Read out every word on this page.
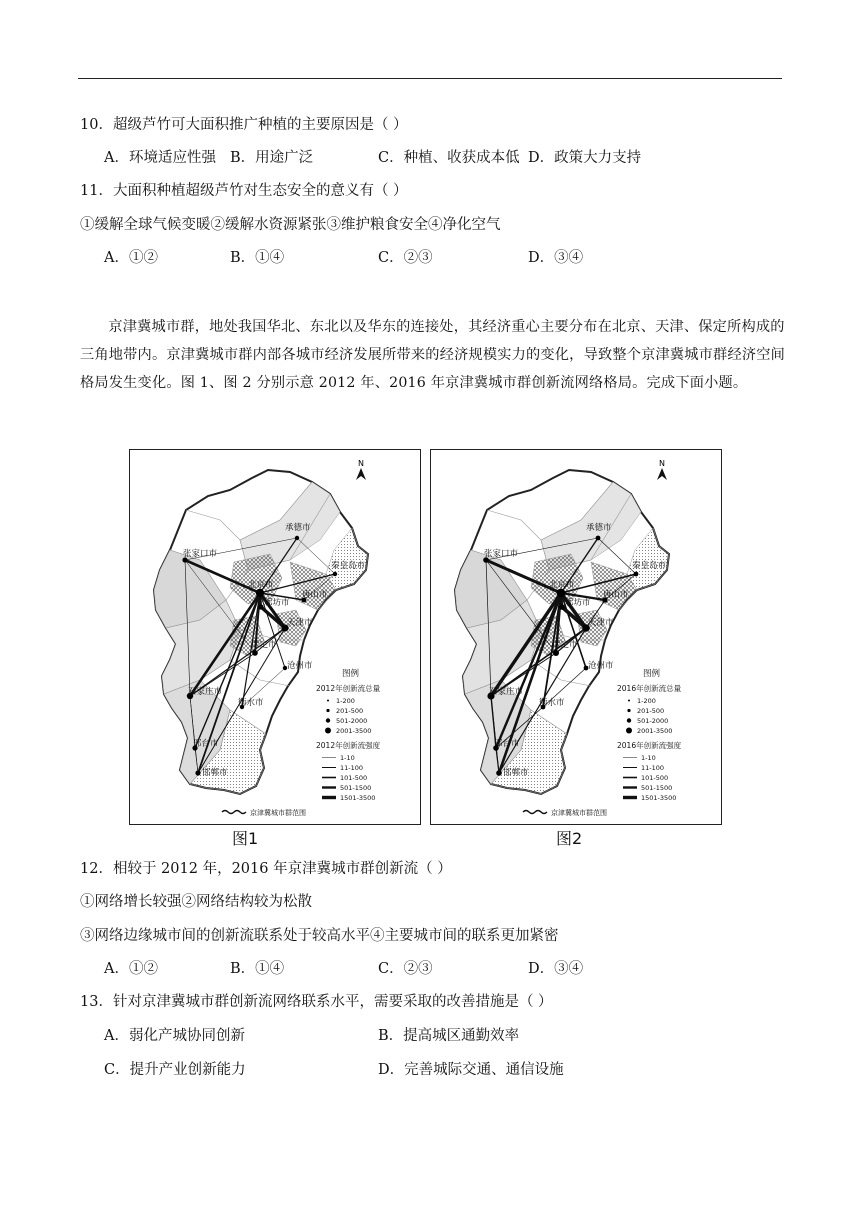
10．超级芦竹可大面积推广种植的主要原因是（ ）
A．环境适应性强 B．用途广泛	C．种植、收获成本低 D．政策大力支持
11．大面积种植超级芦竹对生态安全的意义有（ ）
①缓解全球气候变暖②缓解水资源紧张③维护粮食安全④净化空气
A．①②	B．①④	C．②③	D．③④
京津冀城市群，地处我国华北、东北以及华东的连接处，其经济重心主要分布在北京、天津、保定所构成的三角地带内。京津冀城市群内部各城市经济发展所带来的经济规模实力的变化，导致整个京津冀城市群经济空间格局发生变化。图 1、图 2 分别示意 2012 年、2016 年京津冀城市群创新流网络格局。完成下面小题。
承德市
张家口市
秦皇岛市
北京市
唐山市
廊坊市
天津市
保定市
沧州市
石家庄市
衡水市
邢台市
邯郸市
N
图例
2012年创新流总量
1-200
201-500
501-2000
2001-3500
2012年创新流强度
1-10
11-100
101-500
501-1500
1501-3500
京津冀城市群范围
图1
承德市
张家口市
秦皇岛市
北京市
唐山市
廊坊市
天津市
保定市
沧州市
石家庄市
衡水市
邢台市
邯郸市
N
图例
2016年创新流总量
1-200
201-500
501-2000
2001-3500
2016年创新流强度
1-10
11-100
101-500
501-1500
1501-3500
京津冀城市群范围
图2
12．相较于 2012 年，2016 年京津冀城市群创新流（ ）
①网络增长较强②网络结构较为松散
③网络边缘城市间的创新流联系处于较高水平④主要城市间的联系更加紧密
A．①②	B．①④	C．②③	D．③④
13．针对京津冀城市群创新流网络联系水平，需要采取的改善措施是（ ）
A．弱化产城协同创新	B．提高城区通勤效率
C．提升产业创新能力	D．完善城际交通、通信设施
